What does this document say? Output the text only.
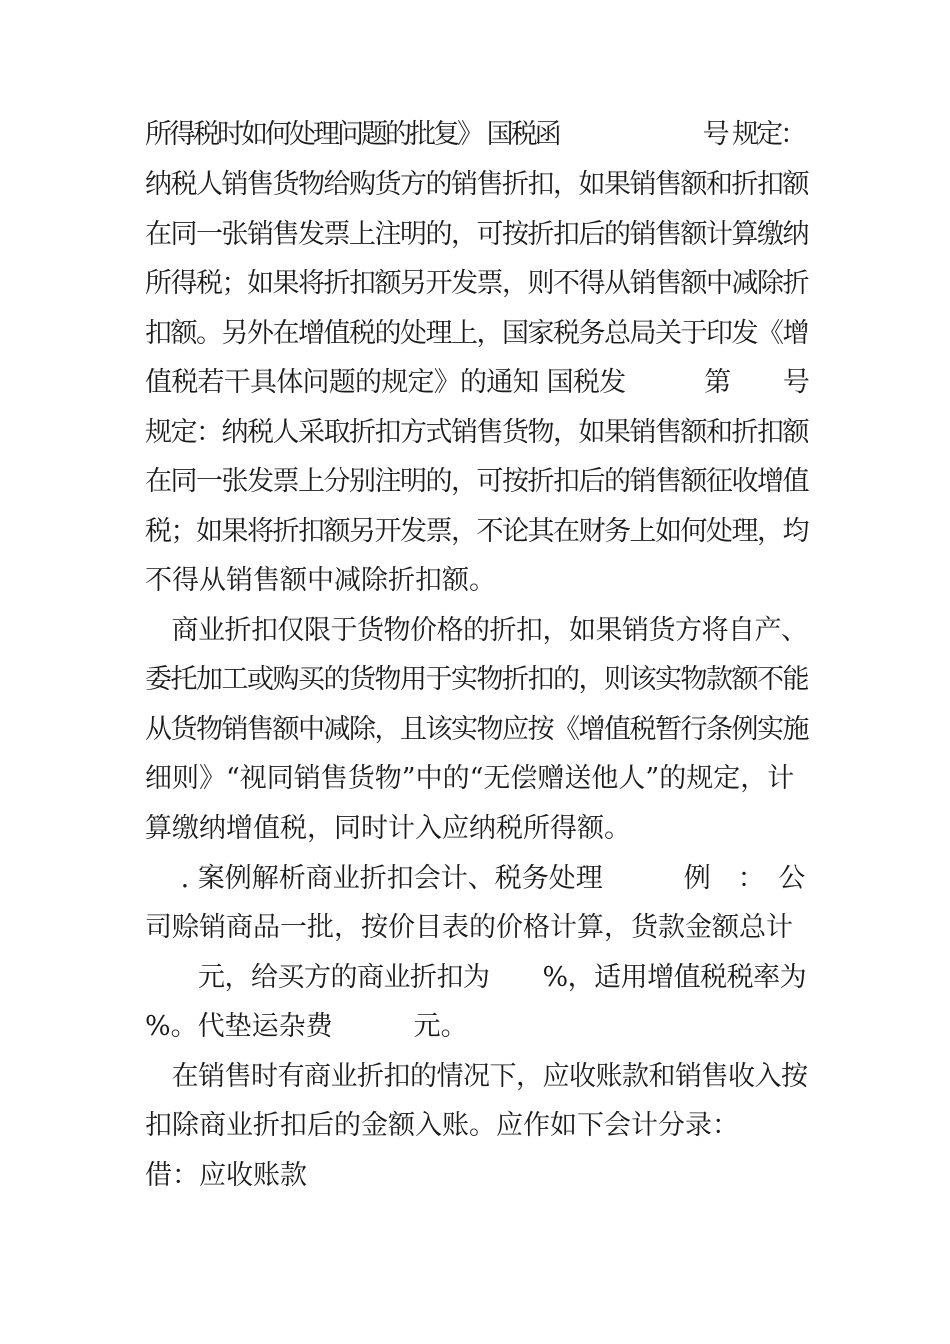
所得税时如何处理问题的批复》 国税函　　　　　　号 规定：
纳税人销售货物给购货方的销售折扣，如果销售额和折扣额
在同一张销售发票上注明的，可按折扣后的销售额计算缴纳
所得税；如果将折扣额另开发票，则不得从销售额中减除折
扣额。另外在增值税的处理上，国家税务总局关于印发《增
值税若干具体问题的规定》的通知 国税发　　　第　　号
规定：纳税人采取折扣方式销售货物，如果销售额和折扣额
在同一张发票上分别注明的，可按折扣后的销售额征收增值
税；如果将折扣额另开发票，不论其在财务上如何处理，均
不得从销售额中减除折扣额。
　商业折扣仅限于货物价格的折扣，如果销货方将自产、
委托加工或购买的货物用于实物折扣的，则该实物款额不能
从货物销售额中减除，且该实物应按《增值税暂行条例实施
细则》“视同销售货物”中的“无偿赠送他人”的规定，计
算缴纳增值税，同时计入应纳税所得额。
　 . 案例解析商业折扣会计、税务处理　　　例　：　公
司赊销商品一批，按价目表的价格计算，货款金额总计
　　元，给买方的商业折扣为　　%，适用增值税税率为
%。代垫运杂费　　　元。
　在销售时有商业折扣的情况下，应收账款和销售收入按
扣除商业折扣后的金额入账。应作如下会计分录：
借：应收账款
